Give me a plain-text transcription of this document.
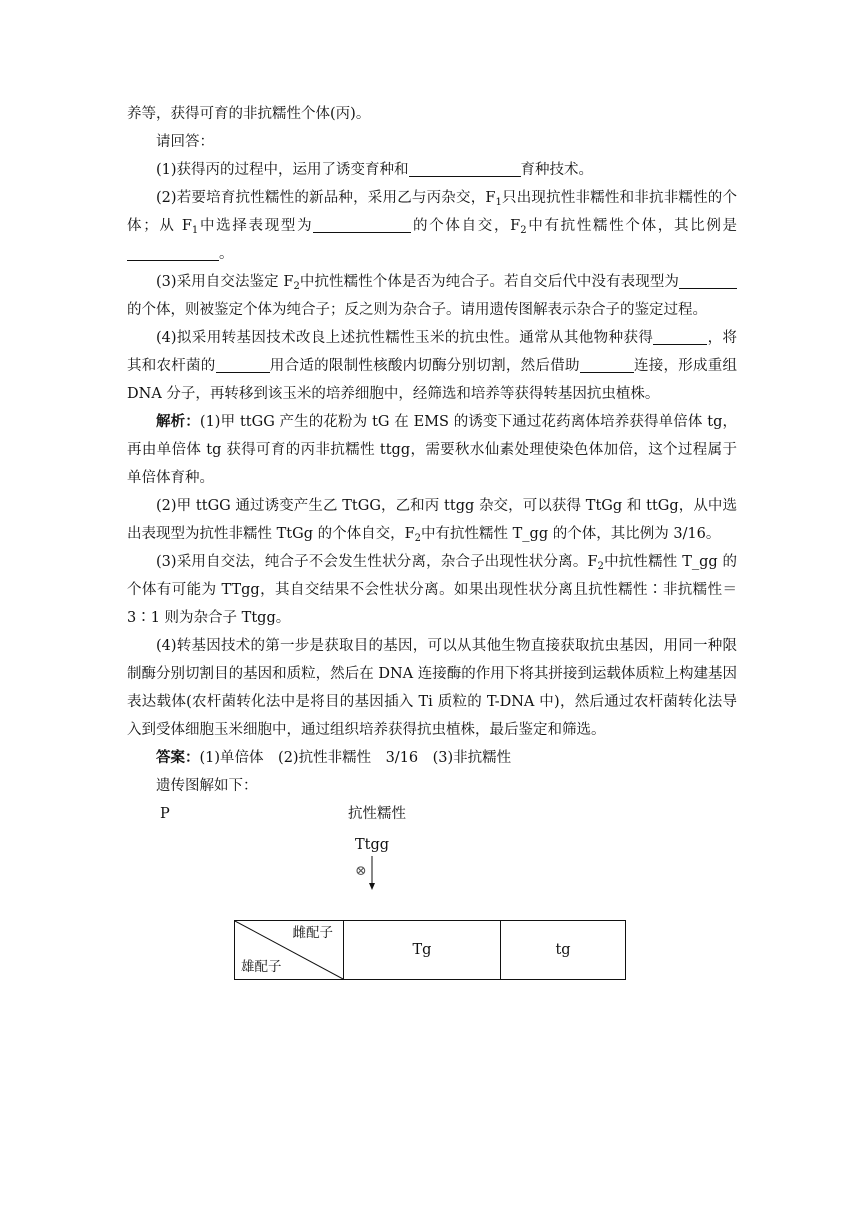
养等，获得可育的非抗糯性个体(丙)。

请回答：

(1)获得丙的过程中，运用了诱变育种和	育种技术。

(2)若要培育抗性糯性的新品种，采用乙与丙杂交，$F_1$只出现抗性非糯性和非抗非糯性的个体；从 $F_1$中选择表现型为	的个体自交，$F_2$中有抗性糯性个体，其比例是。

(3)采用自交法鉴定 $F_2$中抗性糯性个体是否为纯合子。若自交后代中没有表现型为的个体，则被鉴定个体为纯合子；反之则为杂合子。请用遗传图解表示杂合子的鉴定过程。

(4)拟采用转基因技术改良上述抗性糯性玉米的抗虫性。通常从其他物种获得	，将其和农杆菌的	用合适的限制性核酸内切酶分别切割，然后借助	连接，形成重组 DNA 分子，再转移到该玉米的培养细胞中，经筛选和培养等获得转基因抗虫植株。

解析：(1)甲 ttGG 产生的花粉为 tG 在 EMS 的诱变下通过花药离体培养获得单倍体 tg，再由单倍体 tg 获得可育的丙非抗糯性 ttgg，需要秋水仙素处理使染色体加倍，这个过程属于单倍体育种。

(2)甲 ttGG 通过诱变产生乙 TtGG，乙和丙 ttgg 杂交，可以获得 TtGg 和 ttGg，从中选出表现型为抗性非糯性 TtGg 的个体自交，$F_2$中有抗性糯性 T_gg 的个体，其比例为 3/16。

(3)采用自交法，纯合子不会发生性状分离，杂合子出现性状分离。$F_2$中抗性糯性 T_gg 的个体有可能为 TTgg，其自交结果不会性状分离。如果出现性状分离且抗性糯性∶非抗糯性＝3∶1 则为杂合子 Ttgg。

(4)转基因技术的第一步是获取目的基因，可以从其他生物直接获取抗虫基因，用同一种限制酶分别切割目的基因和质粒，然后在 DNA 连接酶的作用下将其拼接到运载体质粒上构建基因表达载体(农杆菌转化法中是将目的基因插入 Ti 质粒的 T-DNA 中)，然后通过农杆菌转化法导入到受体细胞玉米细胞中，通过组织培养获得抗虫植株，最后鉴定和筛选。

答案：(1)单倍体　(2)抗性非糯性　3/16　(3)非抗糯性

遗传图解如下：

P	抗性糯性
Ttgg
⊗
雌配子
雄配子
	Tg	tg
